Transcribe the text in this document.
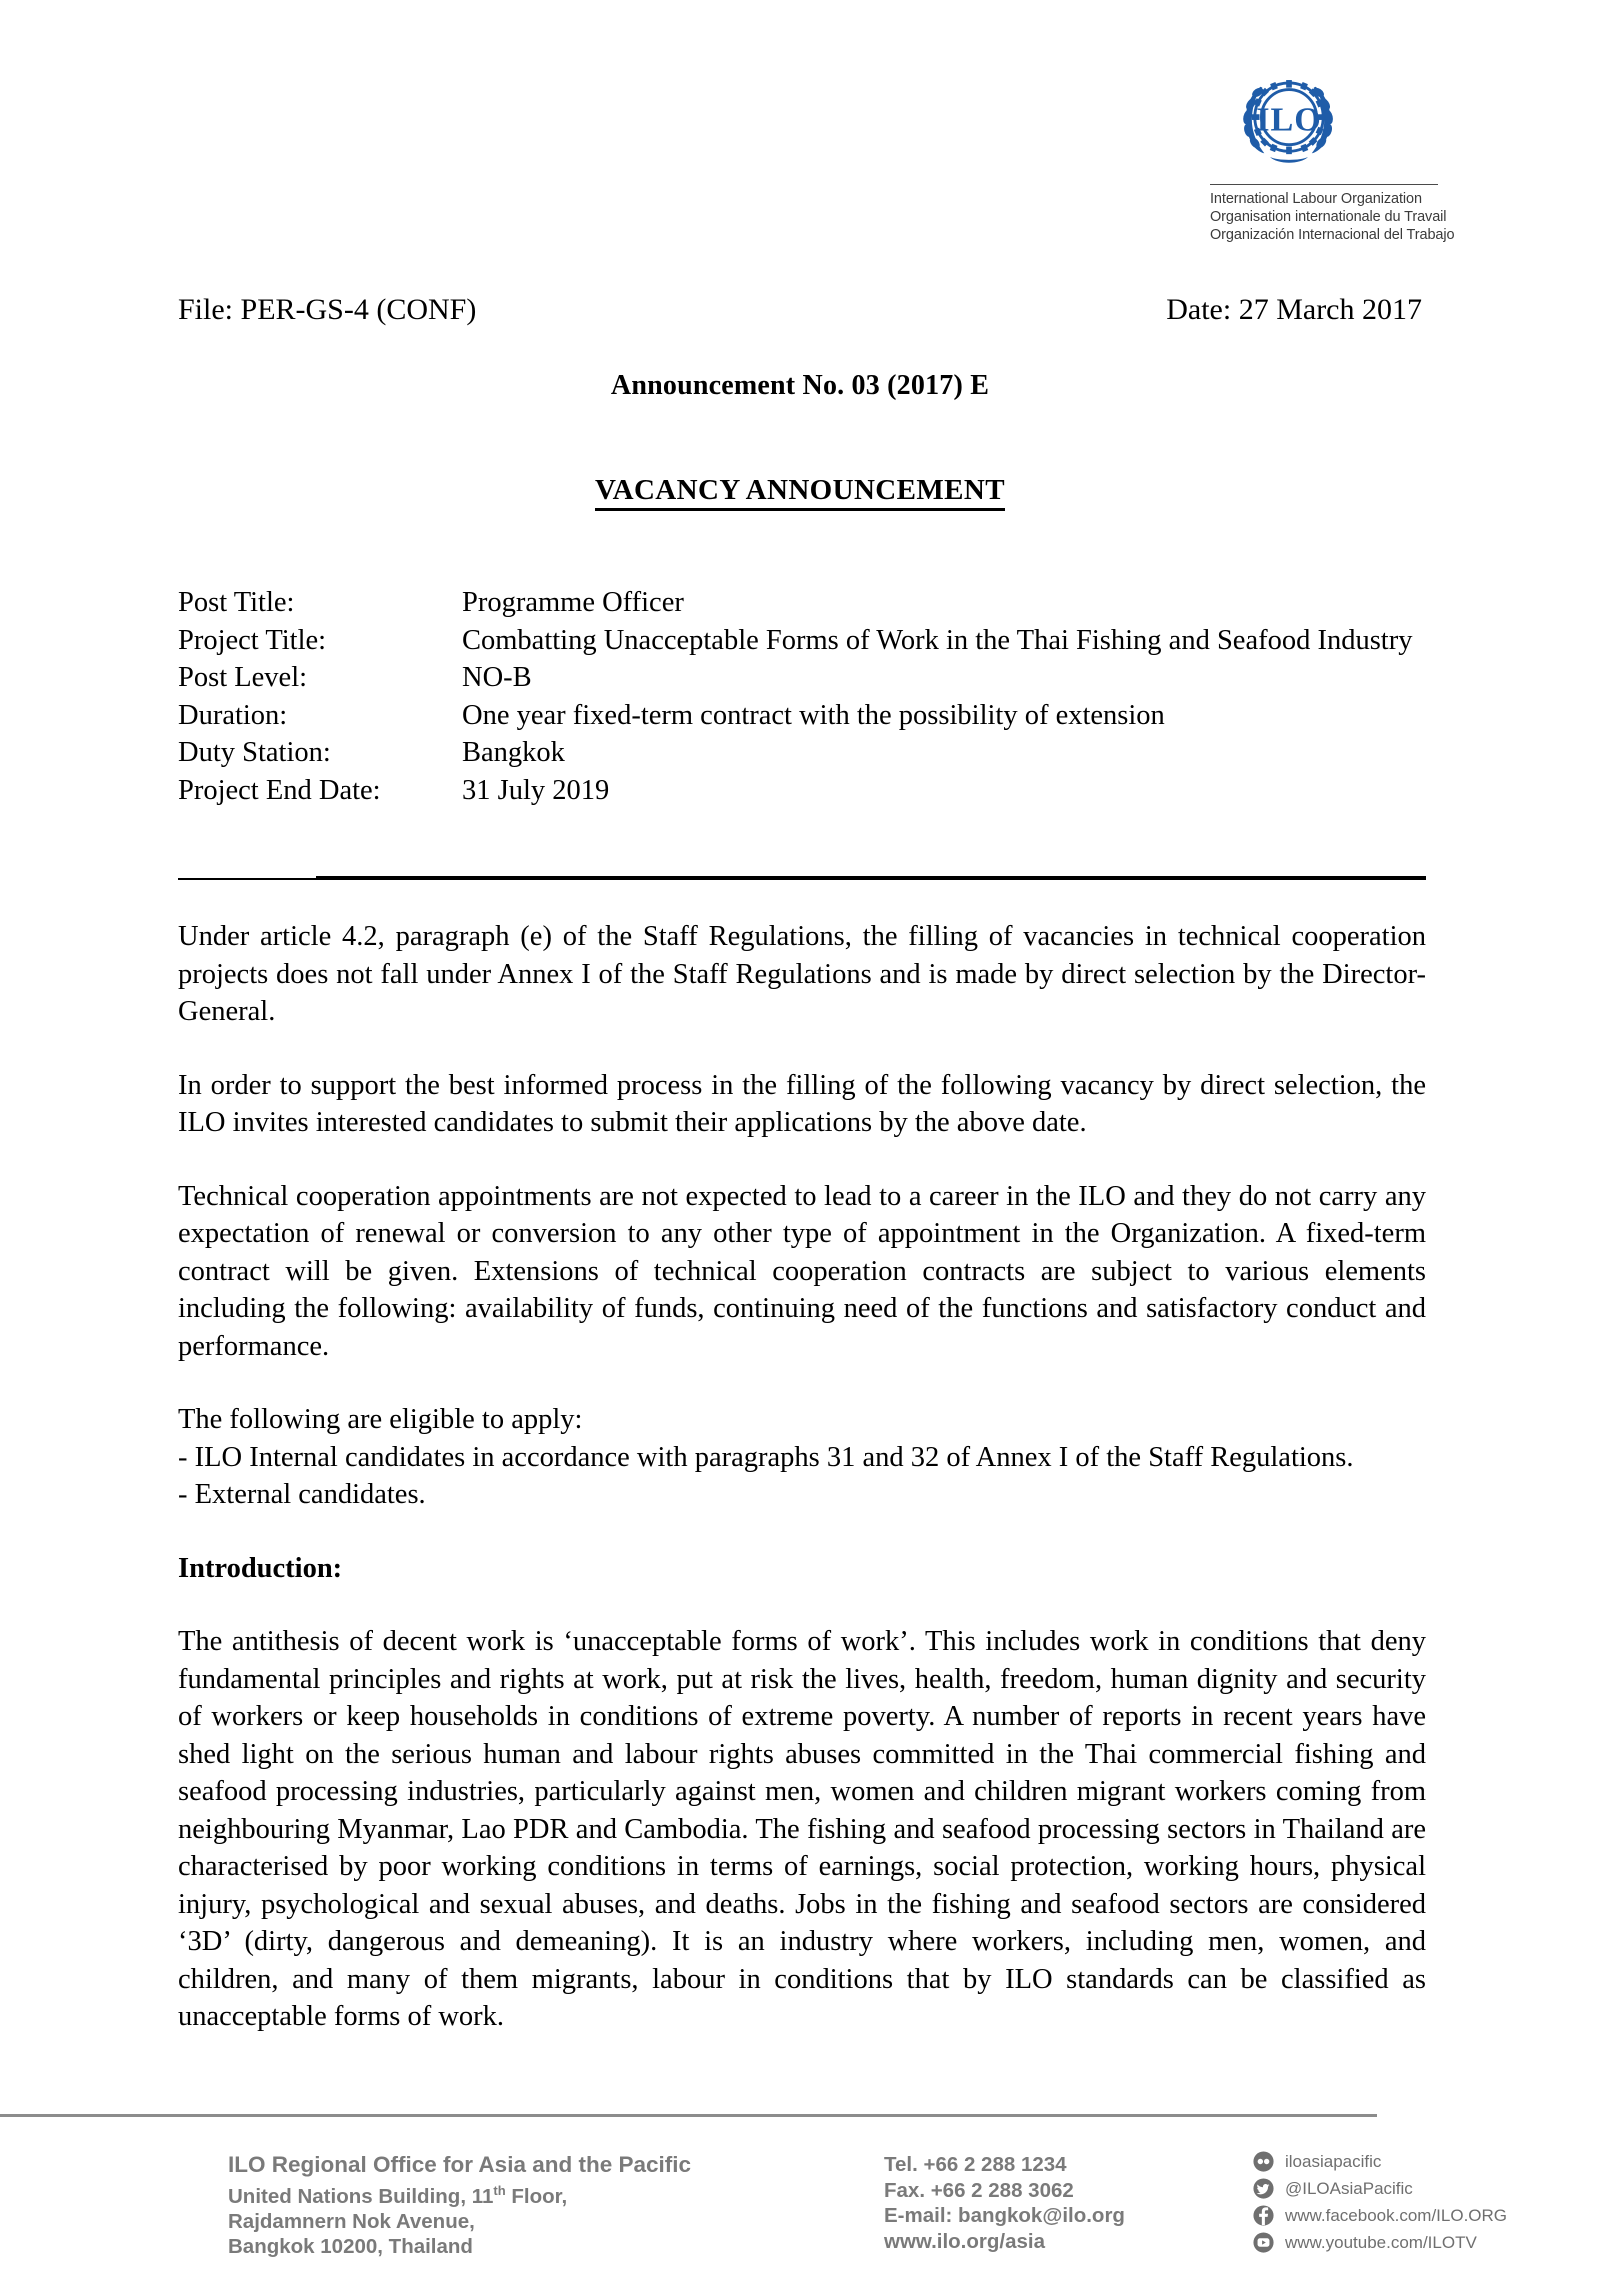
ILO
International Labour Organization
Organisation internationale du Travail
Organización Internacional del Trabajo
File: PER-GS-4 (CONF)	Date: 27 March 2017
Announcement No. 03 (2017) E
VACANCY ANNOUNCEMENT
Post Title:	Programme Officer
Project Title:	Combatting Unacceptable Forms of Work in the Thai Fishing and Seafood Industry
Post Level:	NO-B
Duration:	One year fixed-term contract with the possibility of extension
Duty Station:	Bangkok
Project End Date:	31 July 2019

Under article 4.2, paragraph (e) of the Staff Regulations, the filling of vacancies in technical cooperation projects does not fall under Annex I of the Staff Regulations and is made by direct selection by the Director-General.

In order to support the best informed process in the filling of the following vacancy by direct selection, the ILO invites interested candidates to submit their applications by the above date.

Technical cooperation appointments are not expected to lead to a career in the ILO and they do not carry any expectation of renewal or conversion to any other type of appointment in the Organization. A fixed-term contract will be given. Extensions of technical cooperation contracts are subject to various elements including the following: availability of funds, continuing need of the functions and satisfactory conduct and performance.

The following are eligible to apply:

- ILO Internal candidates in accordance with paragraphs 31 and 32 of Annex I of the Staff Regulations.

- External candidates.

Introduction:

The antithesis of decent work is ‘unacceptable forms of work’. This includes work in conditions that deny fundamental principles and rights at work, put at risk the lives, health, freedom, human dignity and security of workers or keep households in conditions of extreme poverty. A number of reports in recent years have shed light on the serious human and labour rights abuses committed in the Thai commercial fishing and seafood processing industries, particularly against men, women and children migrant workers coming from neighbouring Myanmar, Lao PDR and Cambodia. The fishing and seafood processing sectors in Thailand are characterised by poor working conditions in terms of earnings, social protection, working hours, physical injury, psychological and sexual abuses, and deaths. Jobs in the fishing and seafood sectors are considered ‘3D’ (dirty, dangerous and demeaning). It is an industry where workers, including men, women, and children, and many of them migrants, labour in conditions that by ILO standards can be classified as unacceptable forms of work.

ILO Regional Office for Asia and the Pacific
United Nations Building, 11th Floor,
Rajdamnern Nok Avenue,
Bangkok 10200, Thailand
Tel. +66 2 288 1234
Fax. +66 2 288 3062
E-mail: bangkok@ilo.org
www.ilo.org/asia
iloasiapacific
@ILOAsiaPacific
www.facebook.com/ILO.ORG
www.youtube.com/ILOTV
